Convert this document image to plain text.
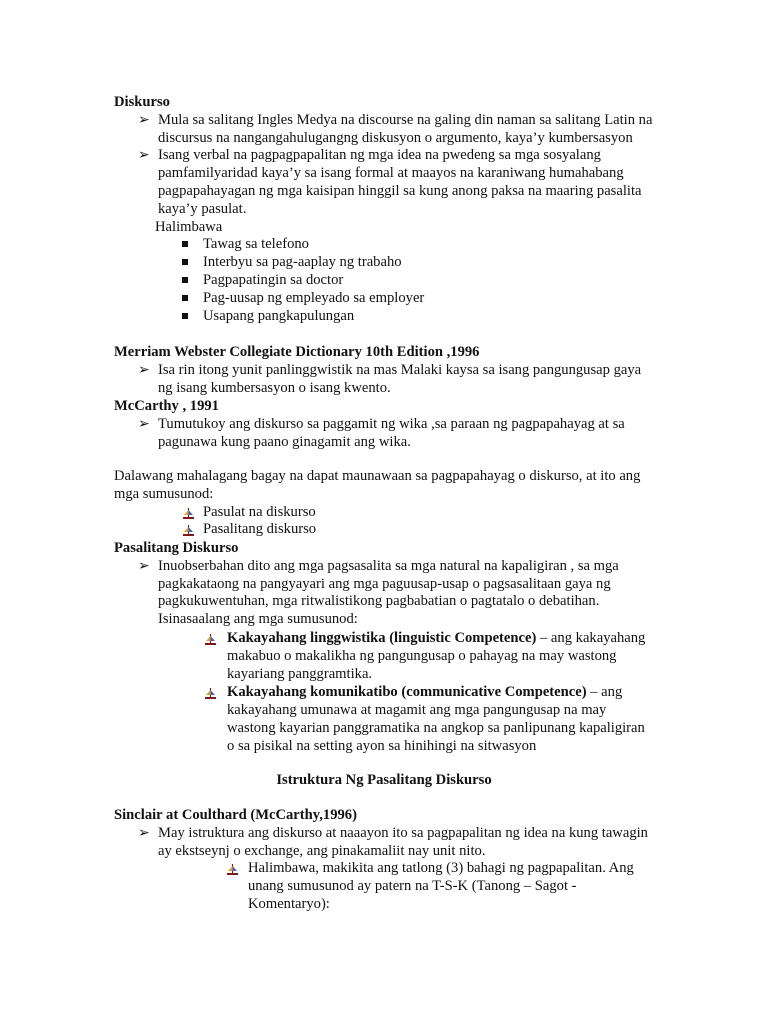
Diskurso

➢ Mula sa salitang Ingles Medya na discourse na galing din naman sa salitang Latin na discursus na nangangahulugangng diskusyon o argumento, kaya’y kumbersasyon

➢ Isang verbal na pagpagpapalitan ng mga idea na pwedeng sa mga sosyalang pamfamilyaridad kaya’y sa isang formal at maayos na karaniwang humahabang pagpapahayagan ng mga kaisipan hinggil sa kung anong paksa na maaring pasalita kaya’y pasulat.

Halimbawa

Tawag sa telefono

Interbyu sa pag-aaplay ng trabaho

Pagpapatingin sa doctor

Pag-uusap ng empleyado sa employer

Usapang pangkapulungan

Merriam Webster Collegiate Dictionary 10th Edition ,1996

➢ Isa rin itong yunit panlinggwistik na mas Malaki kaysa sa isang pangungusap gaya ng isang kumbersasyon o isang kwento.

McCarthy , 1991

➢ Tumutukoy ang diskurso sa paggamit ng wika ,sa paraan ng pagpapahayag at sa pagunawa kung paano ginagamit ang wika.

Dalawang mahalagang bagay na dapat maunawaan sa pagpapahayag o diskurso, at ito ang mga sumusunod:

Pasulat na diskurso

Pasalitang diskurso

Pasalitang Diskurso

➢ Inuobserbahan dito ang mga pagsasalita sa mga natural na kapaligiran , sa mga pagkakataong na pangyayari ang mga paguusap-usap o pagsasalitaan gaya ng pagkukuwentuhan, mga ritwalistikong pagbabatian o pagtatalo o debatihan. Isinasaalang ang mga sumusunod:

Kakayahang linggwistika (linguistic Competence) – ang kakayahang makabuo o makalikha ng pangungusap o pahayag na may wastong kayariang panggramtika.

Kakayahang komunikatibo (communicative Competence) – ang kakayahang umunawa at magamit ang mga pangungusap na may wastong kayarian panggramatika na angkop sa panlipunang kapaligiran o sa pisikal na setting ayon sa hinihingi na sitwasyon

Istruktura Ng Pasalitang Diskurso

Sinclair at Coulthard (McCarthy,1996)

➢ May istruktura ang diskurso at naaayon ito sa pagpapalitan ng idea na kung tawagin ay ekstseynj o exchange, ang pinakamaliit nay unit nito.

Halimbawa, makikita ang tatlong (3) bahagi ng pagpapalitan. Ang unang sumusunod ay patern na T-S-K (Tanong – Sagot - Komentaryo):
